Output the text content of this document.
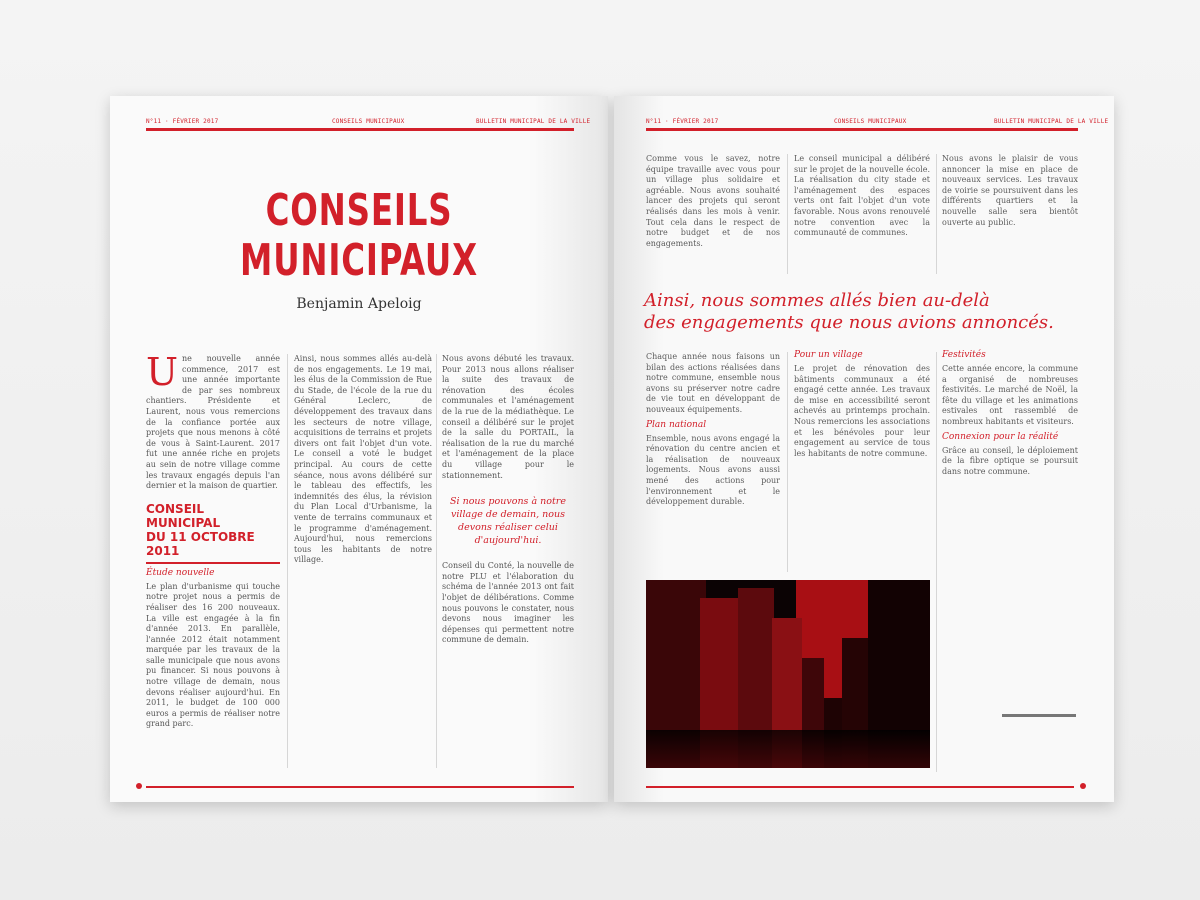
N°11 · FÉVRIER 2017	CONSEILS MUNICIPAUX	BULLETIN MUNICIPAL DE LA VILLE
CONSEILS
MUNICIPAUX
Benjamin Apeloig

Une nouvelle année commence, 2017 est une année importante de par ses nombreux chantiers. Présidente et Laurent, nous vous remercions de la confiance portée aux projets que nous menons à côté de vous à Saint-Laurent. 2017 fut une année riche en projets au sein de notre village comme les travaux engagés depuis l'an dernier et la maison de quartier.

CONSEIL MUNICIPAL
DU 11 OCTOBRE 2011
Étude nouvelle

Le plan d'urbanisme qui touche notre projet nous a permis de réaliser des 16 200 nouveaux. La ville est engagée à la fin d'année 2013. En parallèle, l'année 2012 était notamment marquée par les travaux de la salle municipale que nous avons pu financer. Si nous pouvons à notre village de demain, nous devons réaliser aujourd'hui. En 2011, le budget de 100 000 euros a permis de réaliser notre grand parc.

Ainsi, nous sommes allés au-delà de nos engagements. Le 19 mai, les élus de la Commission de Rue du Stade, de l'école de la rue du Général Leclerc, de développement des travaux dans les secteurs de notre village, acquisitions de terrains et projets divers ont fait l'objet d'un vote. Le conseil a voté le budget principal. Au cours de cette séance, nous avons délibéré sur le tableau des effectifs, les indemnités des élus, la révision du Plan Local d'Urbanisme, la vente de terrains communaux et le programme d'aménagement. Aujourd'hui, nous remercions tous les habitants de notre village.

Nous avons débuté les travaux. Pour 2013 nous allons réaliser la suite des travaux de rénovation des écoles communales et l'aménagement de la rue de la médiathèque. Le conseil a délibéré sur le projet de la salle du PORTAIL, la réalisation de la rue du marché et l'aménagement de la place du village pour le stationnement.

Si nous pouvons à notre village de demain, nous devons réaliser celui d'aujourd'hui.

Conseil du Conté, la nouvelle de notre PLU et l'élaboration du schéma de l'année 2013 ont fait l'objet de délibérations. Comme nous pouvons le constater, nous devons nous imaginer les dépenses qui permettent notre commune de demain.

N°11 · FÉVRIER 2017	CONSEILS MUNICIPAUX	BULLETIN MUNICIPAL DE LA VILLE

Comme vous le savez, notre équipe travaille avec vous pour un village plus solidaire et agréable. Nous avons souhaité lancer des projets qui seront réalisés dans les mois à venir. Tout cela dans le respect de notre budget et de nos engagements.

Le conseil municipal a délibéré sur le projet de la nouvelle école. La réalisation du city stade et l'aménagement des espaces verts ont fait l'objet d'un vote favorable. Nous avons renouvelé notre convention avec la communauté de communes.

Nous avons le plaisir de vous annoncer la mise en place de nouveaux services. Les travaux de voirie se poursuivent dans les différents quartiers et la nouvelle salle sera bientôt ouverte au public.

Ainsi, nous sommes allés bien au-delà
des engagements que nous avions annoncés.

Chaque année nous faisons un bilan des actions réalisées dans notre commune, ensemble nous avons su préserver notre cadre de vie tout en développant de nouveaux équipements.

Plan national

Ensemble, nous avons engagé la rénovation du centre ancien et la réalisation de nouveaux logements. Nous avons aussi mené des actions pour l'environnement et le développement durable.

Pour un village

Le projet de rénovation des bâtiments communaux a été engagé cette année. Les travaux de mise en accessibilité seront achevés au printemps prochain. Nous remercions les associations et les bénévoles pour leur engagement au service de tous les habitants de notre commune.

Festivités

Cette année encore, la commune a organisé de nombreuses festivités. Le marché de Noël, la fête du village et les animations estivales ont rassemblé de nombreux habitants et visiteurs.

Connexion pour la réalité

Grâce au conseil, le déploiement de la fibre optique se poursuit dans notre commune.
